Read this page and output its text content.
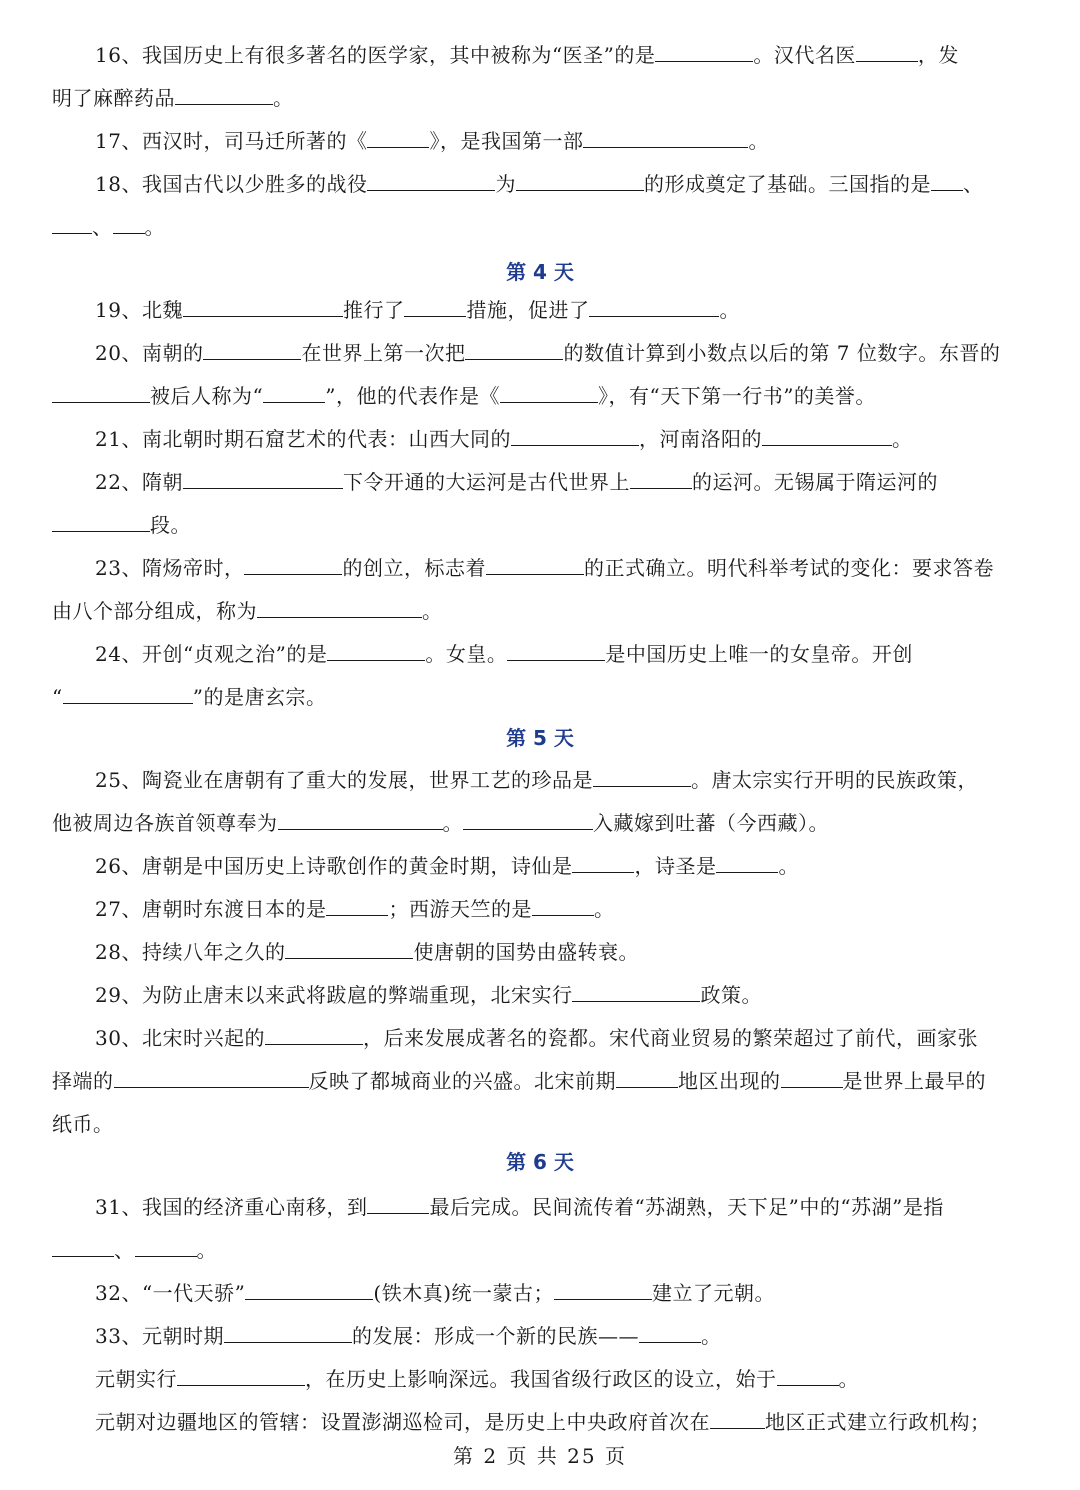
16、我国历史上有很多著名的医学家，其中被称为“医圣”的是	。汉代名医	，发
明了麻醉药品	。
17、西汉时，司马迁所著的《	》，是我国第一部	。
18、我国古代以少胜多的战役	为	的形成奠定了基础。三国指的是 、
、 。
19、北魏	推行了	措施，促进了	。
20、南朝的	在世界上第一次把	的数值计算到小数点以后的第 7 位数字。东晋的
被后人称为“	”，他的代表作是《	》，有“天下第一行书”的美誉。
21、南北朝时期石窟艺术的代表：山西大同的	，河南洛阳的	。
22、隋朝	下令开通的大运河是古代世界上	的运河。无锡属于隋运河的
段。
23、隋炀帝时，	的创立，标志着	的正式确立。明代科举考试的变化：要求答卷
由八个部分组成，称为	。
24、开创“贞观之治”的是	。女皇。	是中国历史上唯一的女皇帝。开创
“	”的是唐玄宗。
25、陶瓷业在唐朝有了重大的发展，世界工艺的珍品是	。唐太宗实行开明的民族政策，
他被周边各族首领尊奉为	。	入藏嫁到吐蕃（今西藏）。
26、唐朝是中国历史上诗歌创作的黄金时期，诗仙是	，诗圣是	。
27、唐朝时东渡日本的是	；西游天竺的是	。
28、持续八年之久的	使唐朝的国势由盛转衰。
29、为防止唐末以来武将跋扈的弊端重现，北宋实行	政策。
30、北宋时兴起的	，后来发展成著名的瓷都。宋代商业贸易的繁荣超过了前代，画家张
择端的	反映了都城商业的兴盛。北宋前期	地区出现的	是世界上最早的
纸币。
31、我国的经济重心南移，到	最后完成。民间流传着“苏湖熟，天下足”中的“苏湖”是指
、	。
32、“一代天骄”	(铁木真)统一蒙古；	建立了元朝。
33、元朝时期	的发展：形成一个新的民族——	。
元朝实行	，在历史上影响深远。我国省级行政区的设立，始于	。
元朝对边疆地区的管辖：设置澎湖巡检司，是历史上中央政府首次在	地区正式建立行政机构；
第 4 天
第 5 天
第 6 天
第 2 页 共 25 页
